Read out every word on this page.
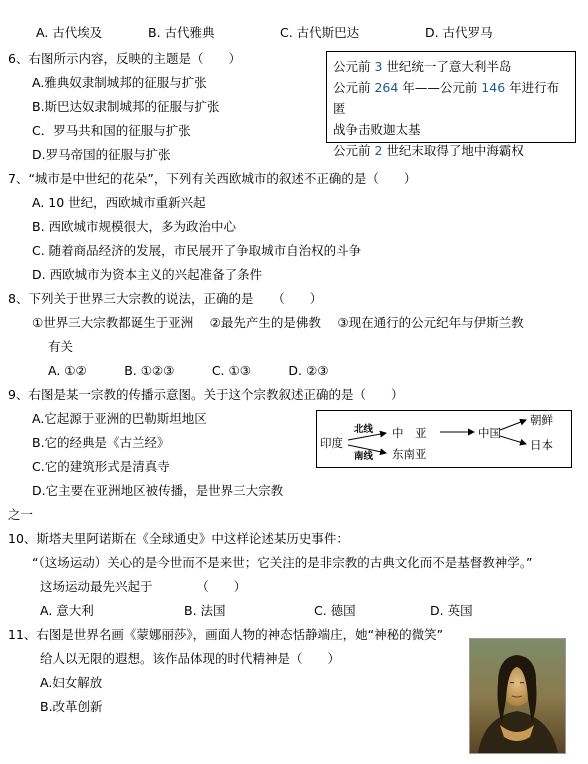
A. 古代埃及	B. 古代雅典	C. 古代斯巴达	D. 古代罗马
6、右图所示内容，反映的主题是（　　）
A.雅典奴隶制城邦的征服与扩张
B.斯巴达奴隶制城邦的征服与扩张
C．罗马共和国的征服与扩张
D.罗马帝国的征服与扩张
公元前 3 世纪统一了意大利半岛
公元前 264 年——公元前 146 年进行布匿
战争击败迦太基
公元前 2 世纪末取得了地中海霸权
7、“城市是中世纪的花朵”，下列有关西欧城市的叙述不正确的是（　　）
A. 10 世纪，西欧城市重新兴起
B. 西欧城市规模很大，多为政治中心
C. 随着商品经济的发展，市民展开了争取城市自治权的斗争
D. 西欧城市为资本主义的兴起准备了条件
8、下列关于世界三大宗教的说法，正确的是　　（　　）
①世界三大宗教都诞生于亚洲　 ②最先产生的是佛教　 ③现在通行的公元纪年与伊斯兰教
有关
A. ①②　　　B. ①②③　　　C. ①③　　　D. ②③
9、右图是某一宗教的传播示意图。关于这个宗教叙述正确的是（　　）
A.它起源于亚洲的巴勒斯坦地区
B.它的经典是《古兰经》
C.它的建筑形式是清真寺
D.它主要在亚洲地区被传播，是世界三大宗教
之一
印度
北线
南线
中　亚
东南亚
中国
朝鲜
日本
10、斯塔夫里阿诺斯在《全球通史》中这样论述某历史事件：
“（这场运动）关心的是今世而不是来世；它关注的是非宗教的古典文化而不是基督教神学。”
这场运动最先兴起于　　　　（　　）
A. 意大利	B. 法国	C. 德国	D. 英国
11、右图是世界名画《蒙娜丽莎》，画面人物的神态恬静端庄，她“神秘的微笑”
给人以无限的遐想。该作品体现的时代精神是（　　）
A.妇女解放
B.改革创新
